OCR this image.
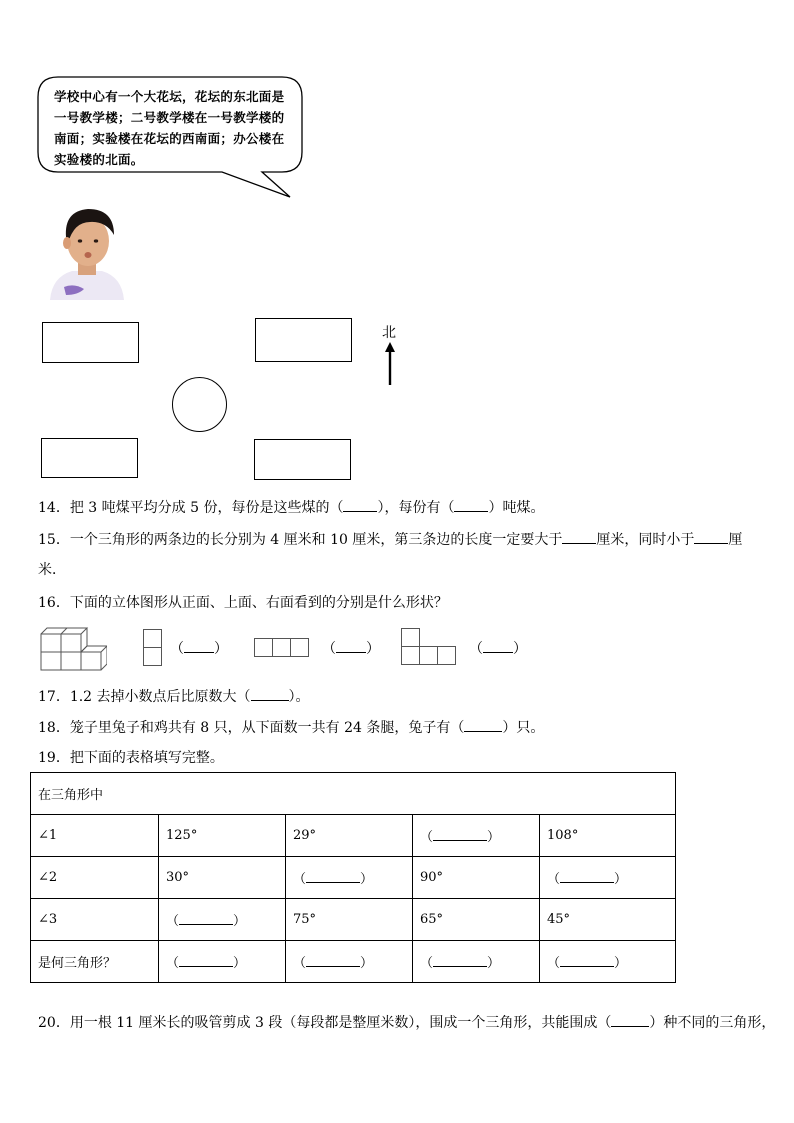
学校中心有一个大花坛，花坛的东北面是一号教学楼；二号教学楼在一号教学楼的南面；实验楼在花坛的西南面；办公楼在实验楼的北面。
北
14．把 3 吨煤平均分成 5 份，每份是这些煤的（ ），每份有（ ）吨煤。
15．一个三角形的两条边的长分别为 4 厘米和 10 厘米，第三条边的长度一定要大于 厘米，同时小于 厘
米．
16．下面的立体图形从正面、上面、右面看到的分别是什么形状？
（ ）	（ ）	（ ）
17．1.2 去掉小数点后比原数大（	）。
18．笼子里兔子和鸡共有 8 只，从下面数一共有 24 条腿，兔子有（	）只。
19．把下面的表格填写完整。
在三角形中				
∠1	125°	29°	（ ）	108°
∠2	30°	（ ）	90°	（ ）
∠3	（ ）	75°	65°	45°
是何三角形？	（ ）	（ ）	（ ）	（ ）
20．用一根 11 厘米长的吸管剪成 3 段（每段都是整厘米数），围成一个三角形，共能围成（	）种不同的三角形，
